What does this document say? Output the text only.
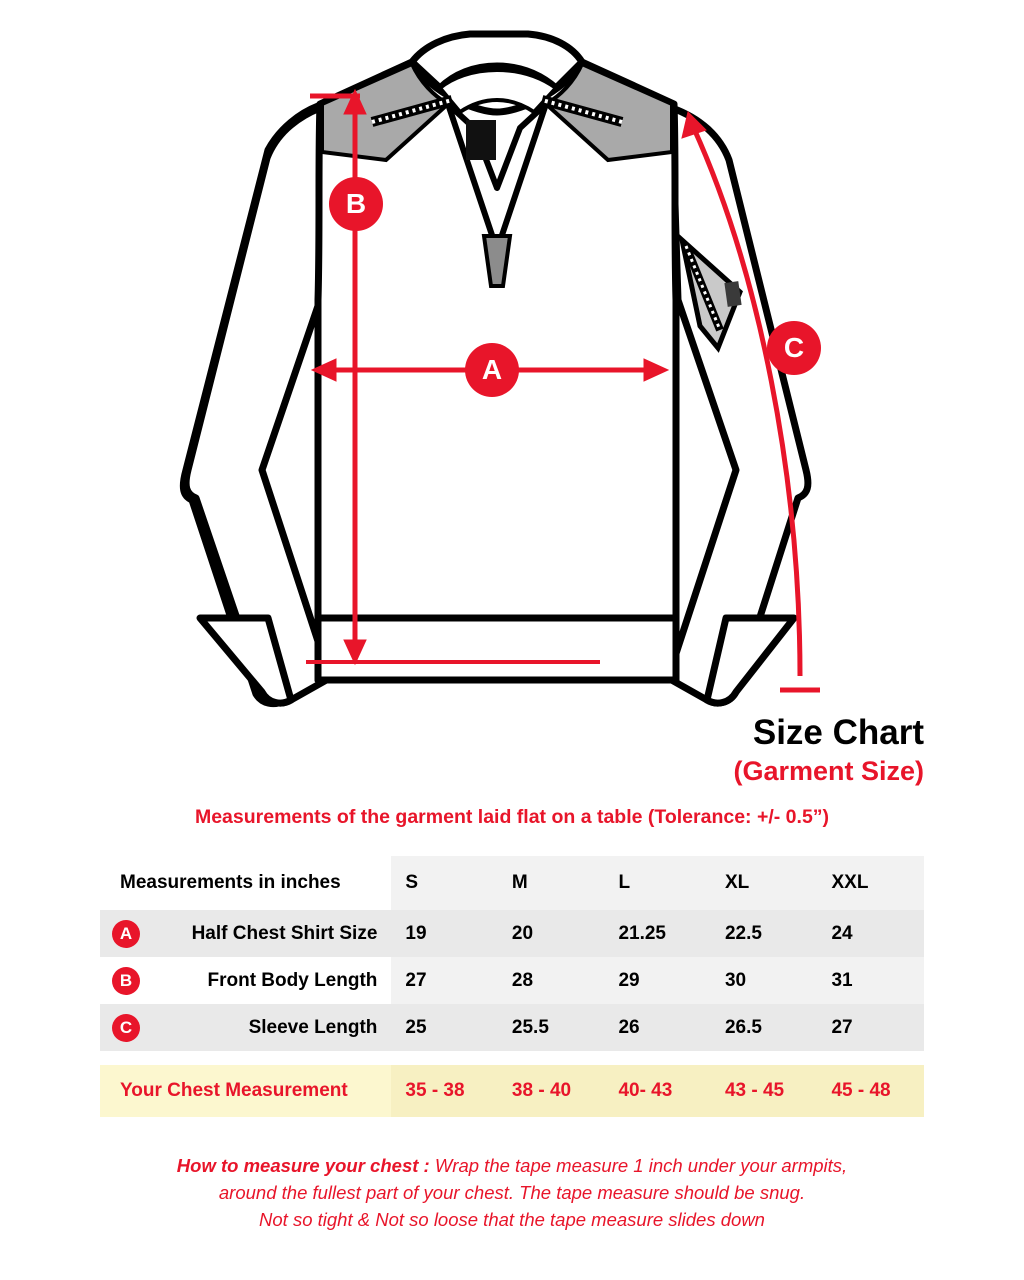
A
B
C
Size Chart
(Garment Size)
Measurements of the garment laid flat on a table (Tolerance: +/- 0.5”)
Measurements in inches	S	M	L	XL	XXL

A Half Chest Shirt Size	19	20	21.25	22.5	24

B Front Body Length	27	28	29	30	31

C Sleeve Length	25	25.5	26	26.5	27

Your Chest Measurement	35 - 38	38 - 40	40- 43	43 - 45	45 - 48
How to measure your chest : Wrap the tape measure 1 inch under your armpits,
around the fullest part of your chest. The tape measure should be snug.
Not so tight & Not so loose that the tape measure slides down
